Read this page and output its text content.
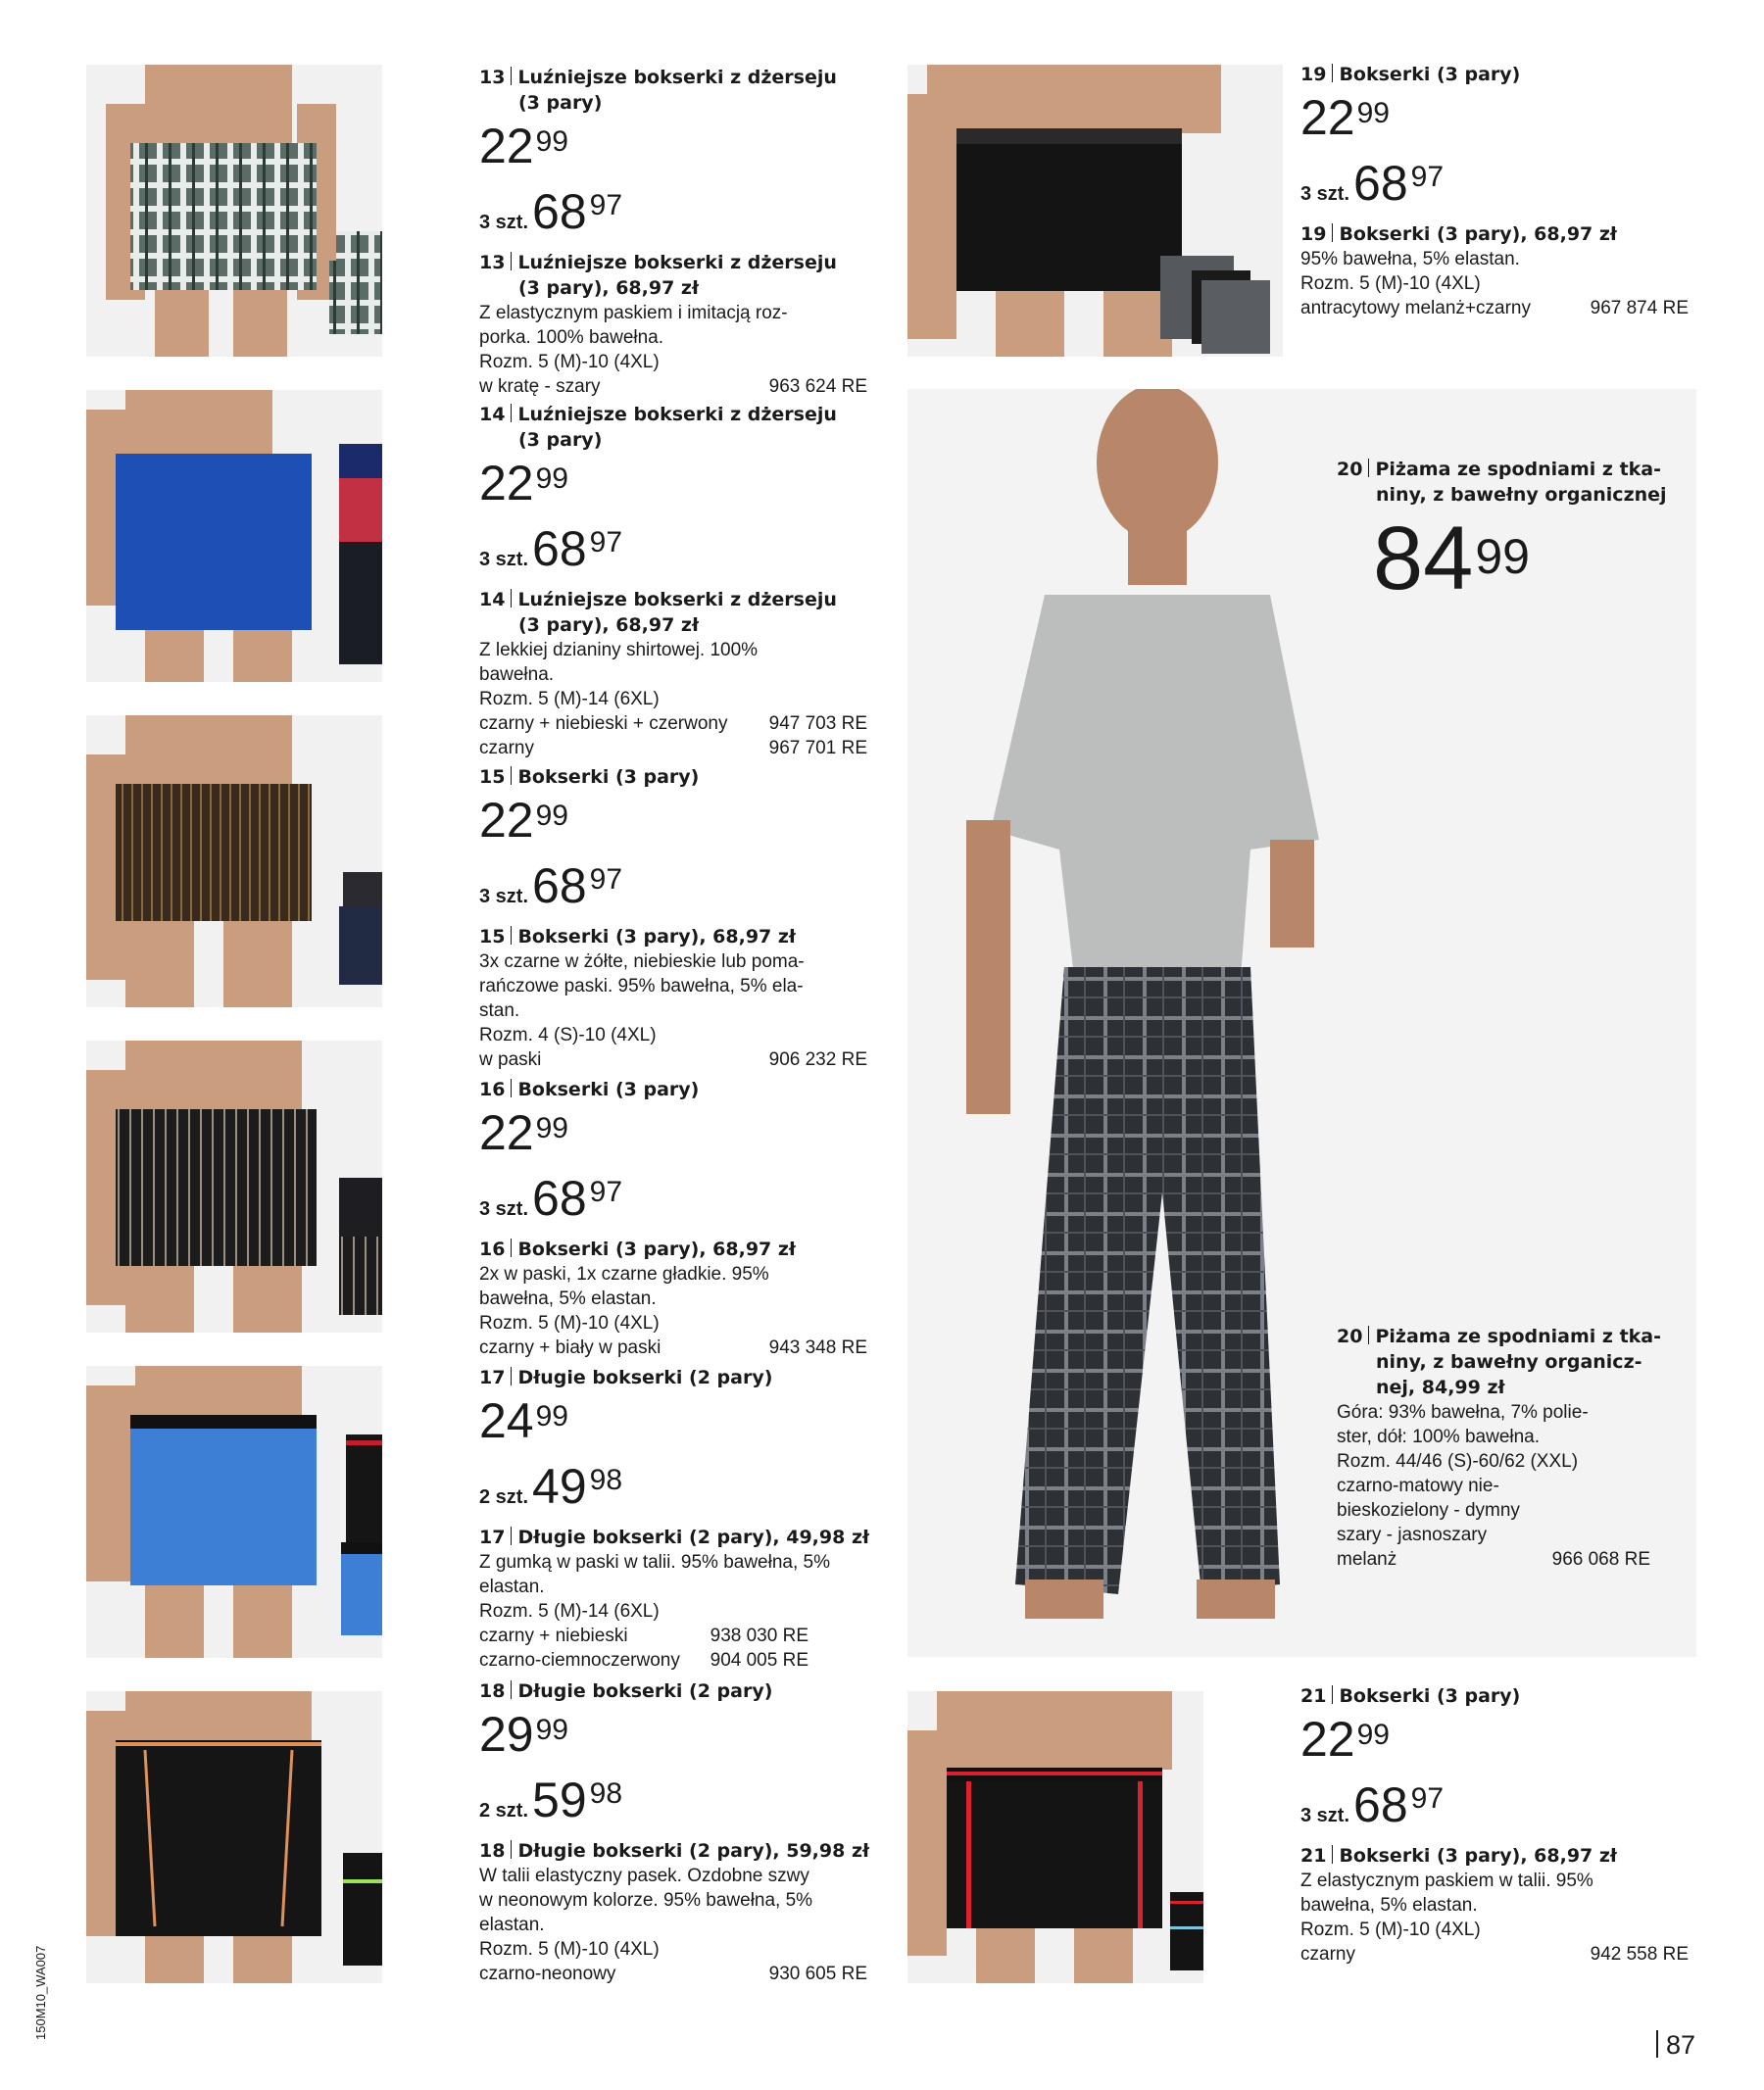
13 Luźniejsze bokserki z dżerseju
(3 pary)
$22^{99}$
3 szt.68 $^{97}$
13 Luźniejsze bokserki z dżerseju
(3 pary), 68,97 zł
Z elastycznym paskiem i imitacją roz-
porka. 100% bawełna.
Rozm. 5 (M)-10 (4XL)
w kratę - szary	963 624 RE
14 Luźniejsze bokserki z dżerseju
(3 pary)
$22^{99}$
3 szt.68 $^{97}$
14 Luźniejsze bokserki z dżerseju
(3 pary), 68,97 zł
Z lekkiej dzianiny shirtowej. 100%
bawełna.
Rozm. 5 (M)-14 (6XL)
czarny + niebieski + czerwony 947 703 RE
czarny	967 701 RE
15 Bokserki (3 pary)
$22^{99}$
3 szt.68 $^{97}$
15 Bokserki (3 pary), 68,97 zł
3x czarne w żółte, niebieskie lub poma-
rańczowe paski. 95% bawełna, 5% ela-
stan.
Rozm. 4 (S)-10 (4XL)
w paski	906 232 RE
16 Bokserki (3 pary)
$22^{99}$
3 szt.68 $^{97}$
16 Bokserki (3 pary), 68,97 zł
2x w paski, 1x czarne gładkie. 95%
bawełna, 5% elastan.
Rozm. 5 (M)-10 (4XL)
czarny + biały w paski	943 348 RE
17 Długie bokserki (2 pary)
$24^{99}$
2 szt.49 $^{98}$
17 Długie bokserki (2 pary), 49,98 zł
Z gumką w paski w talii. 95% bawełna, 5%
elastan.
Rozm. 5 (M)-14 (6XL)
czarny + niebieski	938 030 RE
czarno-ciemnoczerwony 904 005 RE
18 Długie bokserki (2 pary)
$29^{99}$
2 szt.59 $^{98}$
18 Długie bokserki (2 pary), 59,98 zł
W talii elastyczny pasek. Ozdobne szwy
w neonowym kolorze. 95% bawełna, 5%
elastan.
Rozm. 5 (M)-10 (4XL)
czarno-neonowy	930 605 RE
19 Bokserki (3 pary)
$22^{99}$
3 szt.68 $^{97}$
19 Bokserki (3 pary), 68,97 zł
95% bawełna, 5% elastan.
Rozm. 5 (M)-10 (4XL)
antracytowy melanż+czarny	967 874 RE
20 Piżama ze spodniami z tka-
niny, z bawełny organicznej
$84^{99}$
20 Piżama ze spodniami z tka-
niny, z bawełny organicz-
nej, 84,99 zł
Góra: 93% bawełna, 7% polie-
ster, dół: 100% bawełna.
Rozm. 44/46 (S)-60/62 (XXL)
czarno-matowy nie-
bieskozielony - dymny
szary - jasnoszary
melanż	966 068 RE
21 Bokserki (3 pary)
$22^{99}$
3 szt.68 $^{97}$
21 Bokserki (3 pary), 68,97 zł
Z elastycznym paskiem w talii. 95%
bawełna, 5% elastan.
Rozm. 5 (M)-10 (4XL)
czarny	942 558 RE
87
150M10_WA007
